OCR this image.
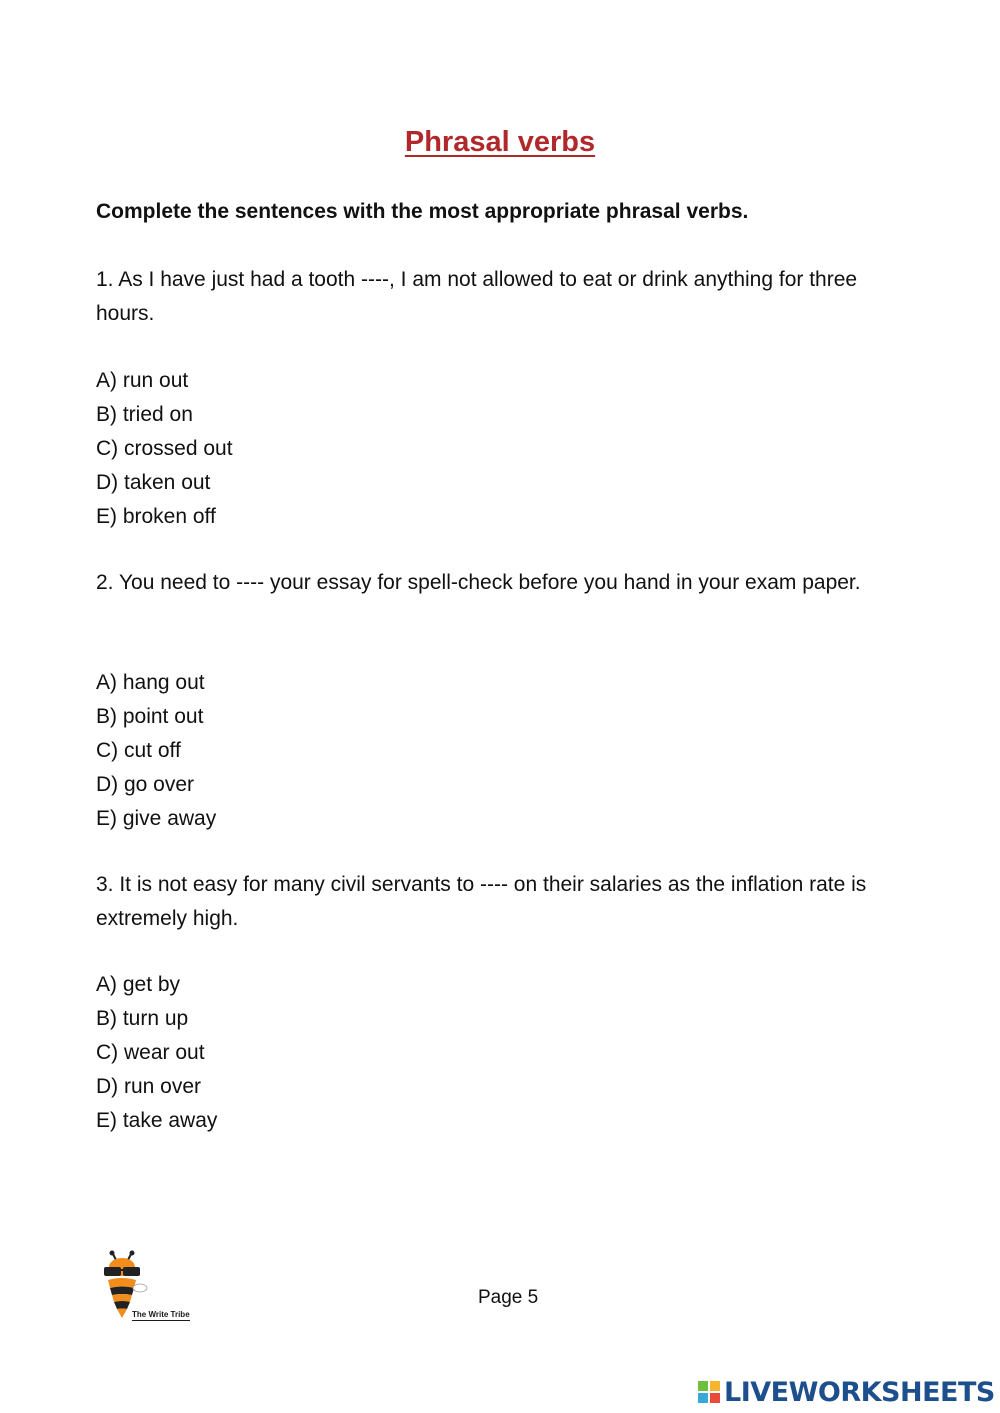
Phrasal verbs
Complete the sentences with the most appropriate phrasal verbs.
1. As I have just had a tooth ----, I am not allowed to eat or drink anything for three hours.
A) run out
B) tried on
C) crossed out
D) taken out
E) broken off
2. You need to ---- your essay for spell-check before you hand in your exam paper.
A) hang out
B) point out
C) cut off
D) go over
E) give away
3. It is not easy for many civil servants to ---- on their salaries as the inflation rate is extremely high.
A) get by
B) turn up
C) wear out
D) run over
E) take away
The Write Tribe
Page 5
LIVEWORKSHEETS
